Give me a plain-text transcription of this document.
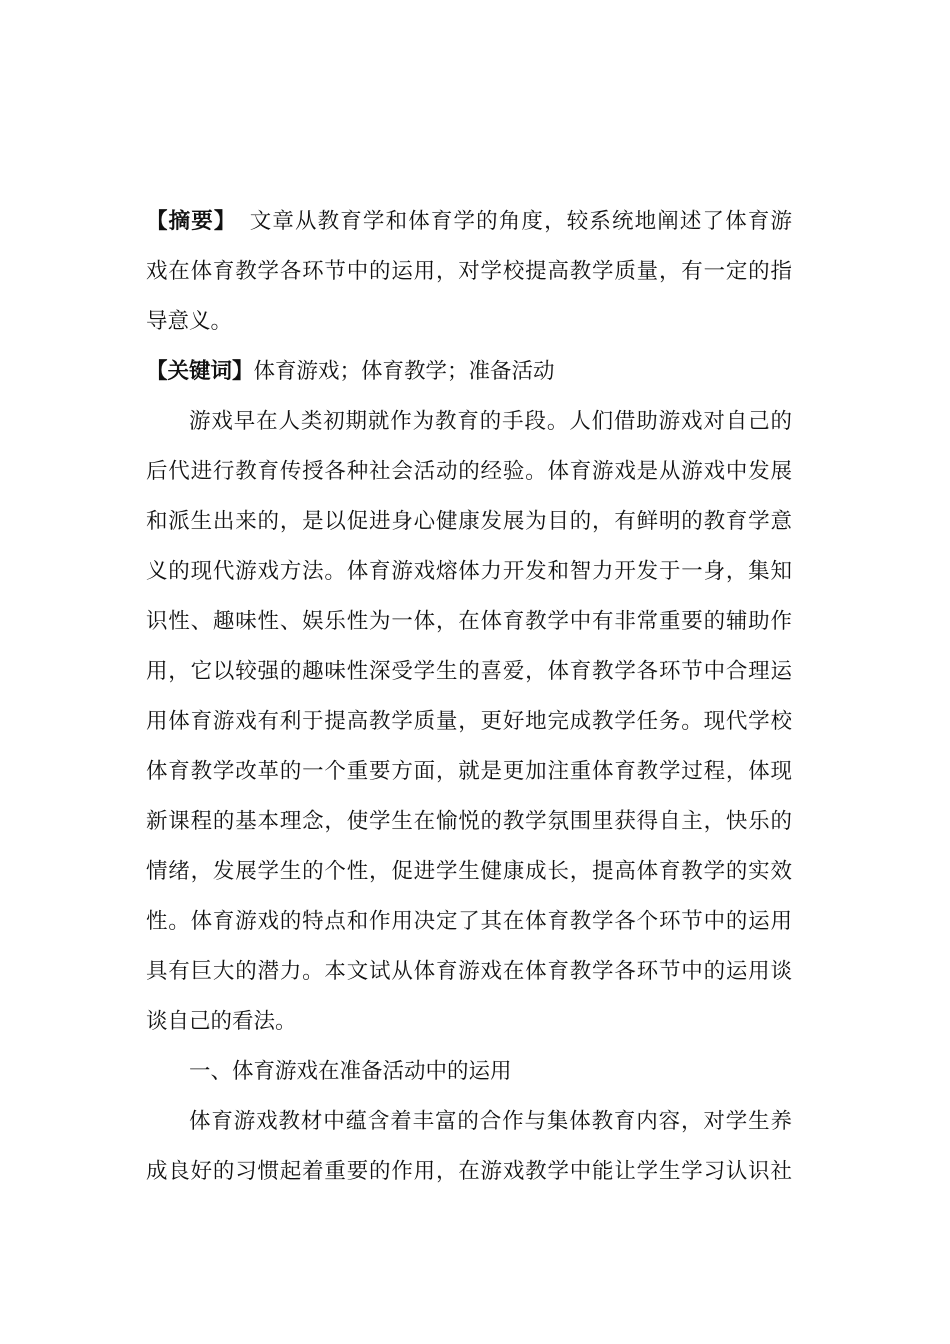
【摘要】 文章从教育学和体育学的角度，较系统地阐述了体育游
戏在体育教学各环节中的运用，对学校提高教学质量，有一定的指
导意义。
【关键词】体育游戏；体育教学；准备活动
游戏早在人类初期就作为教育的手段。人们借助游戏对自己的
后代进行教育传授各种社会活动的经验。体育游戏是从游戏中发展
和派生出来的，是以促进身心健康发展为目的，有鲜明的教育学意
义的现代游戏方法。体育游戏熔体力开发和智力开发于一身，集知
识性、趣味性、娱乐性为一体，在体育教学中有非常重要的辅助作
用，它以较强的趣味性深受学生的喜爱，体育教学各环节中合理运
用体育游戏有利于提高教学质量，更好地完成教学任务。现代学校
体育教学改革的一个重要方面，就是更加注重体育教学过程，体现
新课程的基本理念，使学生在愉悦的教学氛围里获得自主，快乐的
情绪，发展学生的个性，促进学生健康成长，提高体育教学的实效
性。体育游戏的特点和作用决定了其在体育教学各个环节中的运用
具有巨大的潜力。本文试从体育游戏在体育教学各环节中的运用谈
谈自己的看法。
一、体育游戏在准备活动中的运用
体育游戏教材中蕴含着丰富的合作与集体教育内容，对学生养
成良好的习惯起着重要的作用，在游戏教学中能让学生学习认识社
